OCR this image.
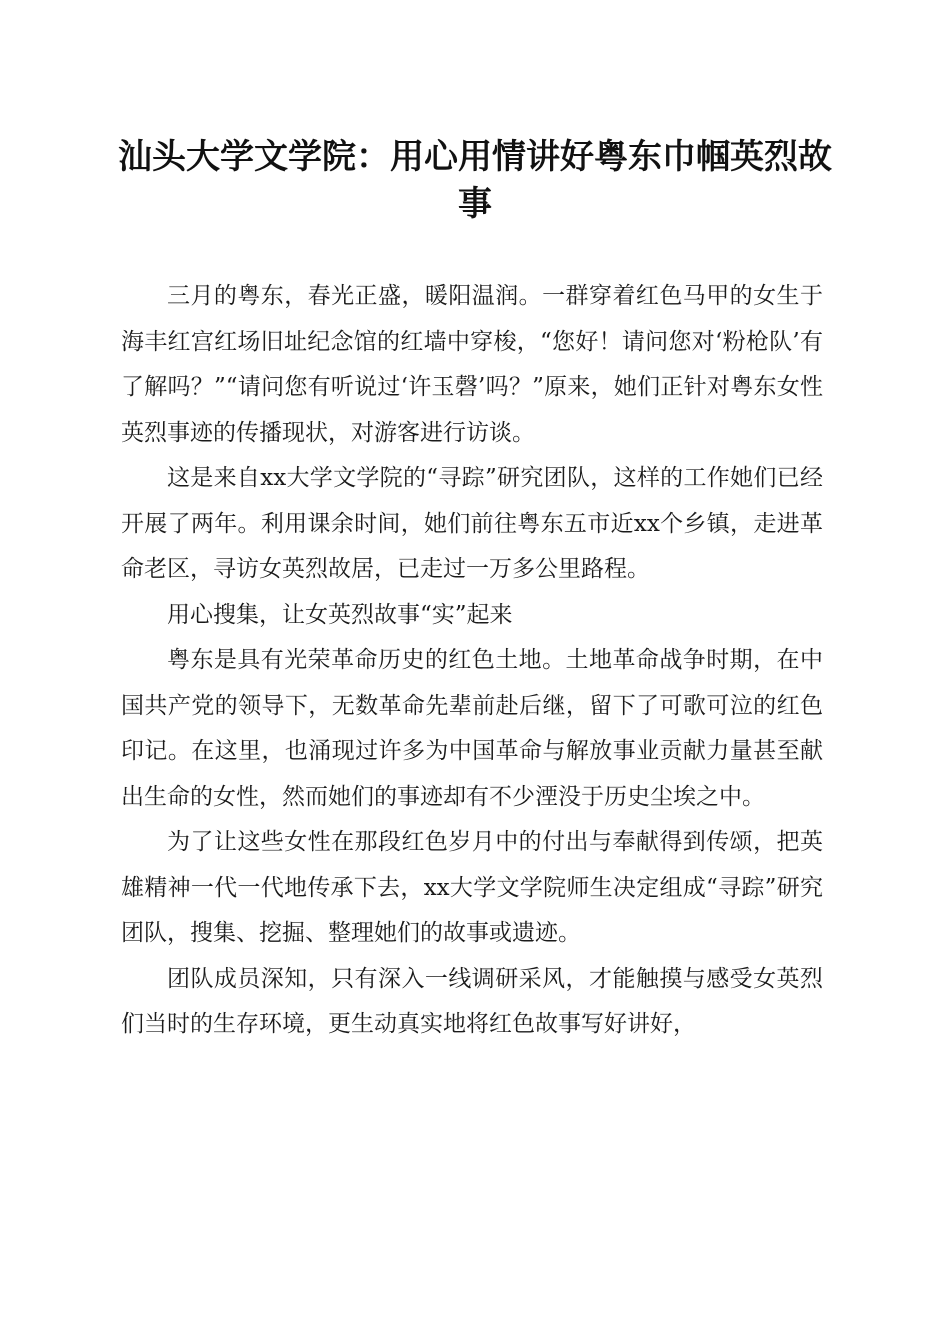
汕头大学文学院：用心用情讲好粤东巾帼英烈故事

三月的粤东，春光正盛，暖阳温润。一群穿着红色马甲的女生于海丰红宫红场旧址纪念馆的红墙中穿梭，“您好！请问您对‘粉枪队’有了解吗？”“请问您有听说过‘许玉磬’吗？”原来，她们正针对粤东女性英烈事迹的传播现状，对游客进行访谈。

这是来自xx大学文学院的“寻踪”研究团队，这样的工作她们已经开展了两年。利用课余时间，她们前往粤东五市近xx个乡镇，走进革命老区，寻访女英烈故居，已走过一万多公里路程。

用心搜集，让女英烈故事“实”起来

粤东是具有光荣革命历史的红色土地。土地革命战争时期，在中国共产党的领导下，无数革命先辈前赴后继，留下了可歌可泣的红色印记。在这里，也涌现过许多为中国革命与解放事业贡献力量甚至献出生命的女性，然而她们的事迹却有不少湮没于历史尘埃之中。

为了让这些女性在那段红色岁月中的付出与奉献得到传颂，把英雄精神一代一代地传承下去，xx大学文学院师生决定组成“寻踪”研究团队，搜集、挖掘、整理她们的故事或遗迹。

团队成员深知，只有深入一线调研采风，才能触摸与感受女英烈们当时的生存环境，更生动真实地将红色故事写好讲好，
